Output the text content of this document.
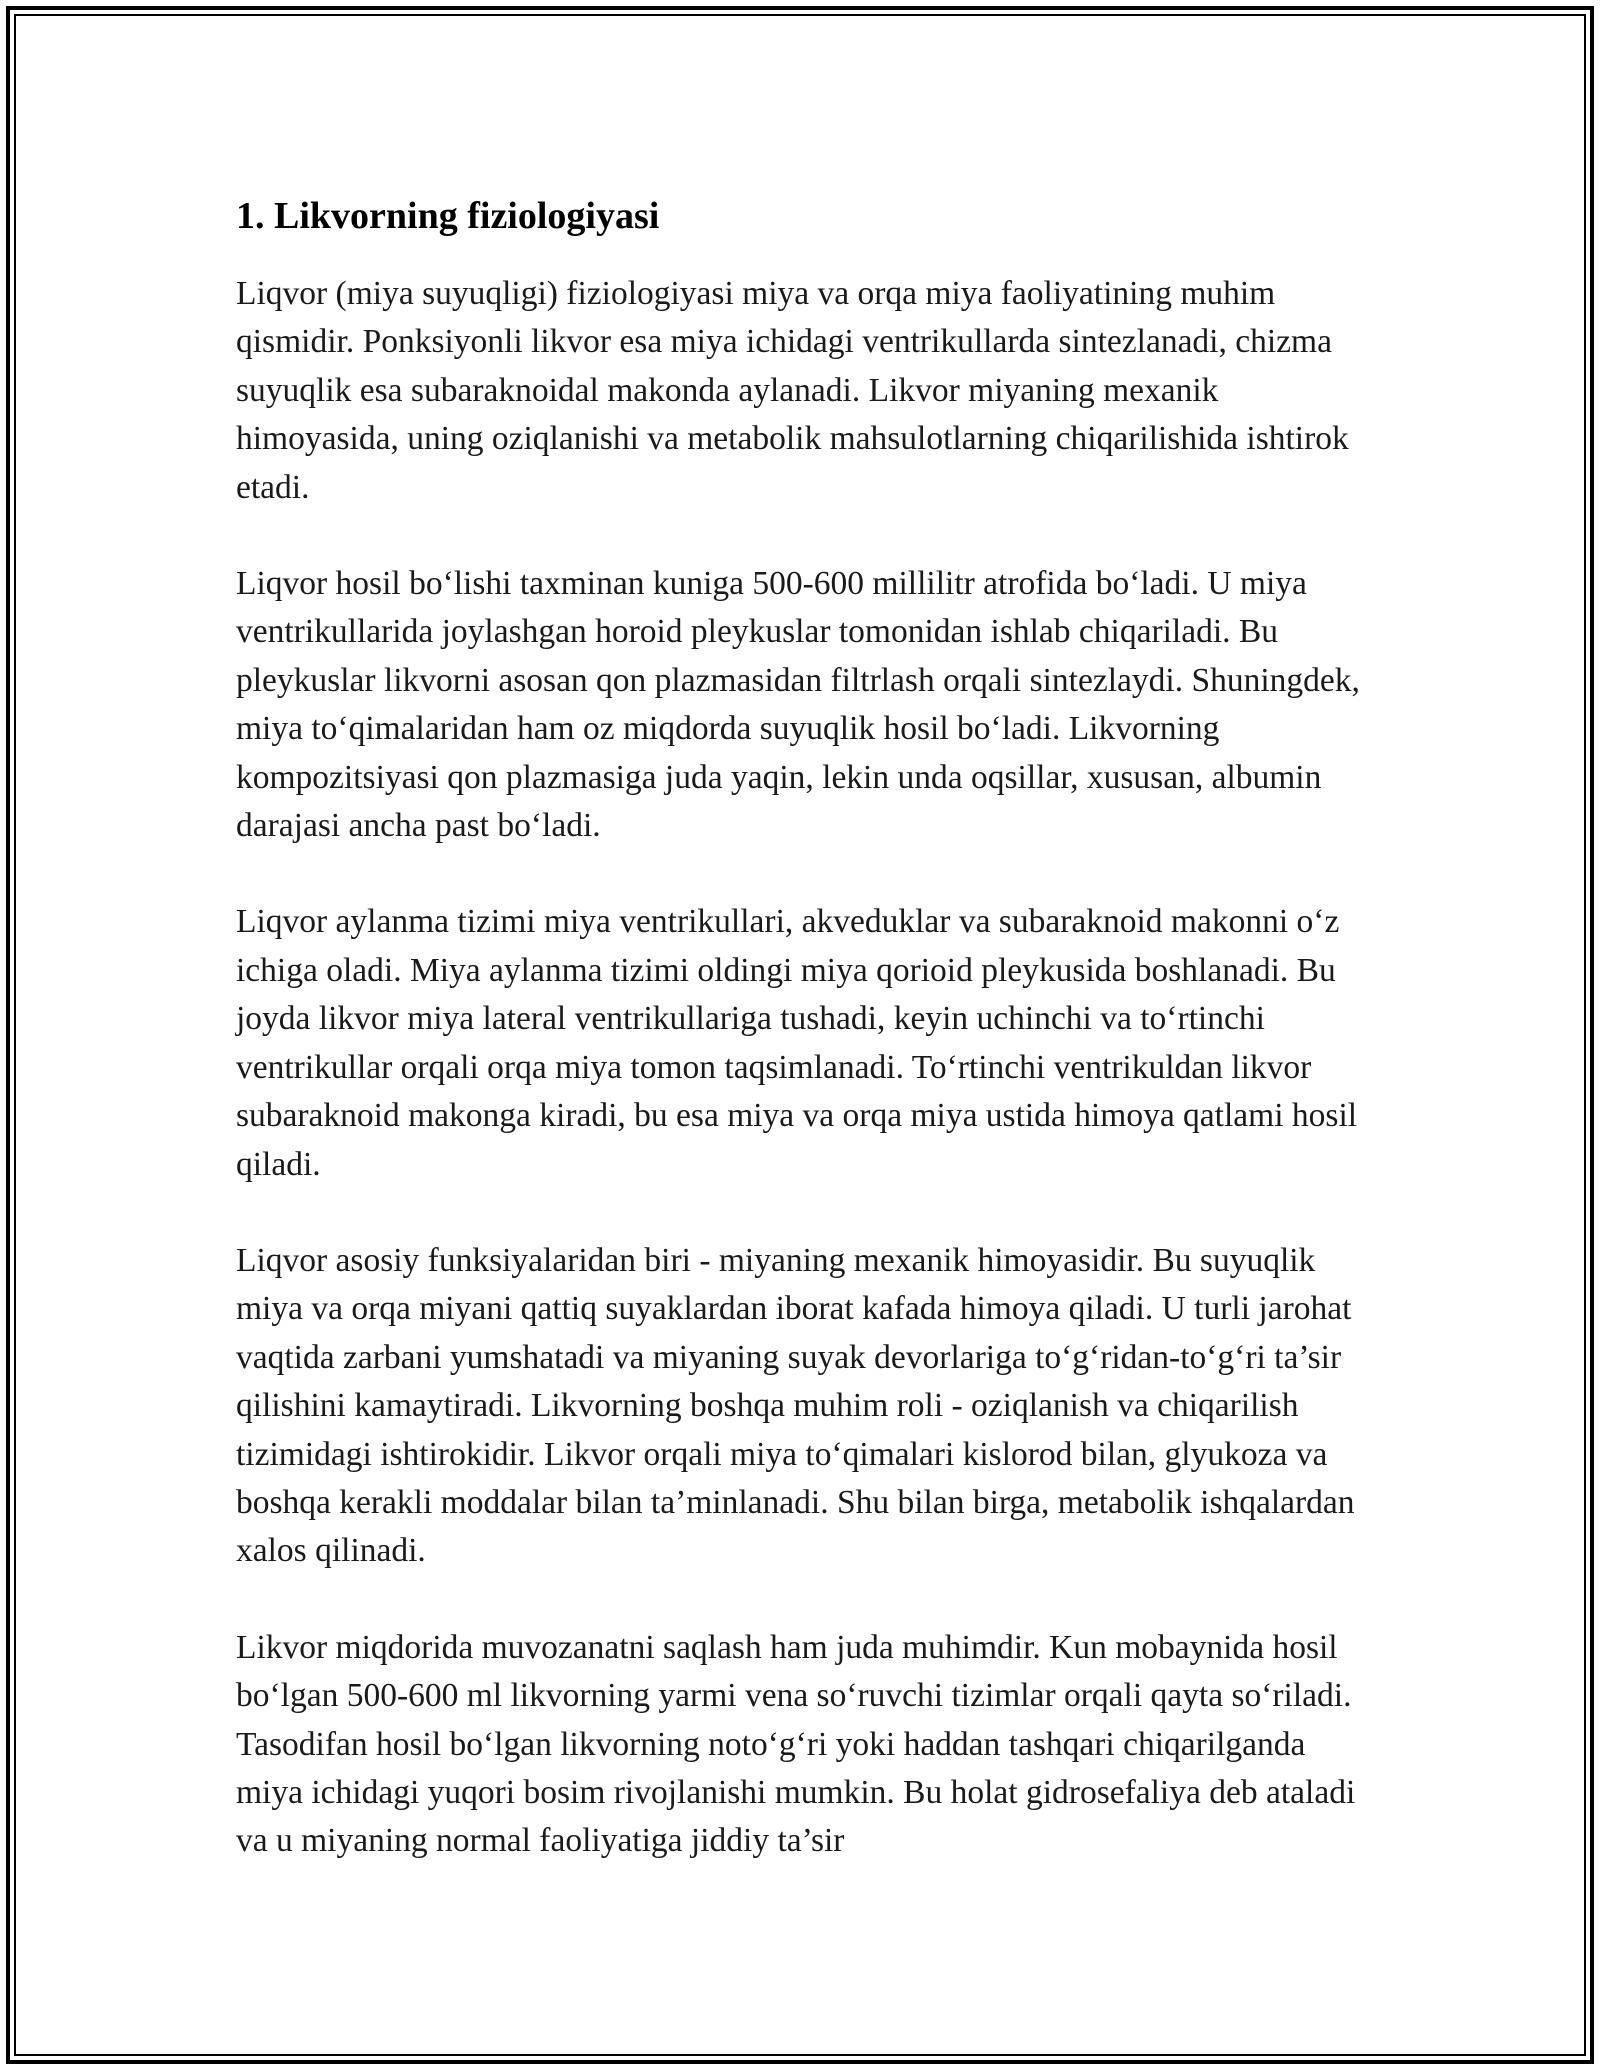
1. Likvorning fiziologiyasi

Liqvor (miya suyuqligi) fiziologiyasi miya va orqa miya faoliyatining muhim qismidir. Ponksiyonli likvor esa miya ichidagi ventrikullarda sintezlanadi, chizma suyuqlik esa subaraknoidal makonda aylanadi. Likvor miyaning mexanik himoyasida, uning oziqlanishi va metabolik mahsulotlarning chiqarilishida ishtirok etadi.

Liqvor hosil bo‘lishi taxminan kuniga 500-600 millilitr atrofida bo‘ladi. U miya ventrikullarida joylashgan horoid pleykuslar tomonidan ishlab chiqariladi. Bu pleykuslar likvorni asosan qon plazmasidan filtrlash orqali sintezlaydi. Shuningdek, miya to‘qimalaridan ham oz miqdorda suyuqlik hosil bo‘ladi. Likvorning kompozitsiyasi qon plazmasiga juda yaqin, lekin unda oqsillar, xususan, albumin darajasi ancha past bo‘ladi.

Liqvor aylanma tizimi miya ventrikullari, akveduklar va subaraknoid makonni o‘z ichiga oladi. Miya aylanma tizimi oldingi miya qorioid pleykusida boshlanadi. Bu joyda likvor miya lateral ventrikullariga tushadi, keyin uchinchi va to‘rtinchi ventrikullar orqali orqa miya tomon taqsimlanadi. To‘rtinchi ventrikuldan likvor subaraknoid makonga kiradi, bu esa miya va orqa miya ustida himoya qatlami hosil qiladi.

Liqvor asosiy funksiyalaridan biri - miyaning mexanik himoyasidir. Bu suyuqlik miya va orqa miyani qattiq suyaklardan iborat kafada himoya qiladi. U turli jarohat vaqtida zarbani yumshatadi va miyaning suyak devorlariga to‘g‘ridan-to‘g‘ri ta’sir qilishini kamaytiradi. Likvorning boshqa muhim roli - oziqlanish va chiqarilish tizimidagi ishtirokidir. Likvor orqali miya to‘qimalari kislorod bilan, glyukoza va boshqa kerakli moddalar bilan ta’minlanadi. Shu bilan birga, metabolik ishqalardan xalos qilinadi.

Likvor miqdorida muvozanatni saqlash ham juda muhimdir. Kun mobaynida hosil bo‘lgan 500-600 ml likvorning yarmi vena so‘ruvchi tizimlar orqali qayta so‘riladi. Tasodifan hosil bo‘lgan likvorning noto‘g‘ri yoki haddan tashqari chiqarilganda miya ichidagi yuqori bosim rivojlanishi mumkin. Bu holat gidrosefaliya deb ataladi va u miyaning normal faoliyatiga jiddiy ta’sir
